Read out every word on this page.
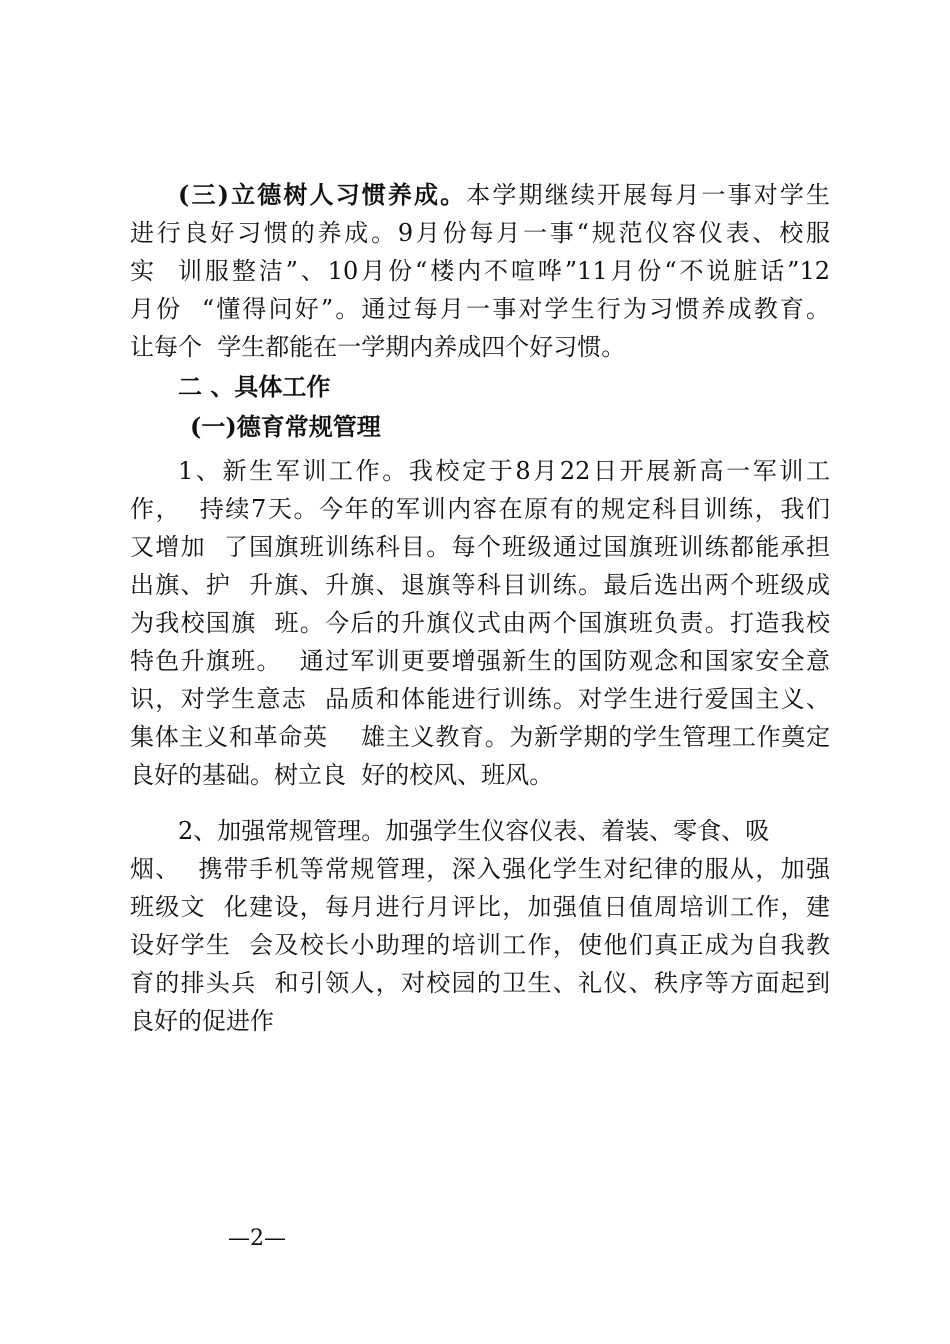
(三)立德树人习惯养成。本学期继续开展每月一事对学生
进行良好习惯的养成。9月份每月一事“规范仪容仪表、校服
实  训服整洁”、10月份“楼内不喧哗”11月份“不说脏话”12
月份  “懂得问好”。通过每月一事对学生行为习惯养成教育。
让每个  学生都能在一学期内养成四个好习惯。
二 、具体工作
(一)德育常规管理
1、新生军训工作。我校定于8月22日开展新高一军训工
作，  持续7天。今年的军训内容在原有的规定科目训练，我们
又增加  了国旗班训练科目。每个班级通过国旗班训练都能承担
出旗、护  升旗、升旗、退旗等科目训练。最后选出两个班级成
为我校国旗  班。今后的升旗仪式由两个国旗班负责。打造我校
特色升旗班。  通过军训更要增强新生的国防观念和国家安全意
识，对学生意志  品质和体能进行训练。对学生进行爱国主义、
集体主义和革命英    雄主义教育。为新学期的学生管理工作奠定
良好的基础。树立良  好的校风、班风。
2、加强常规管理。加强学生仪容仪表、着装、零食、吸
烟、  携带手机等常规管理，深入强化学生对纪律的服从，加强
班级文  化建设，每月进行月评比，加强值日值周培训工作，建
设好学生  会及校长小助理的培训工作，使他们真正成为自我教
育的排头兵  和引领人，对校园的卫生、礼仪、秩序等方面起到
良好的促进作
—2—
